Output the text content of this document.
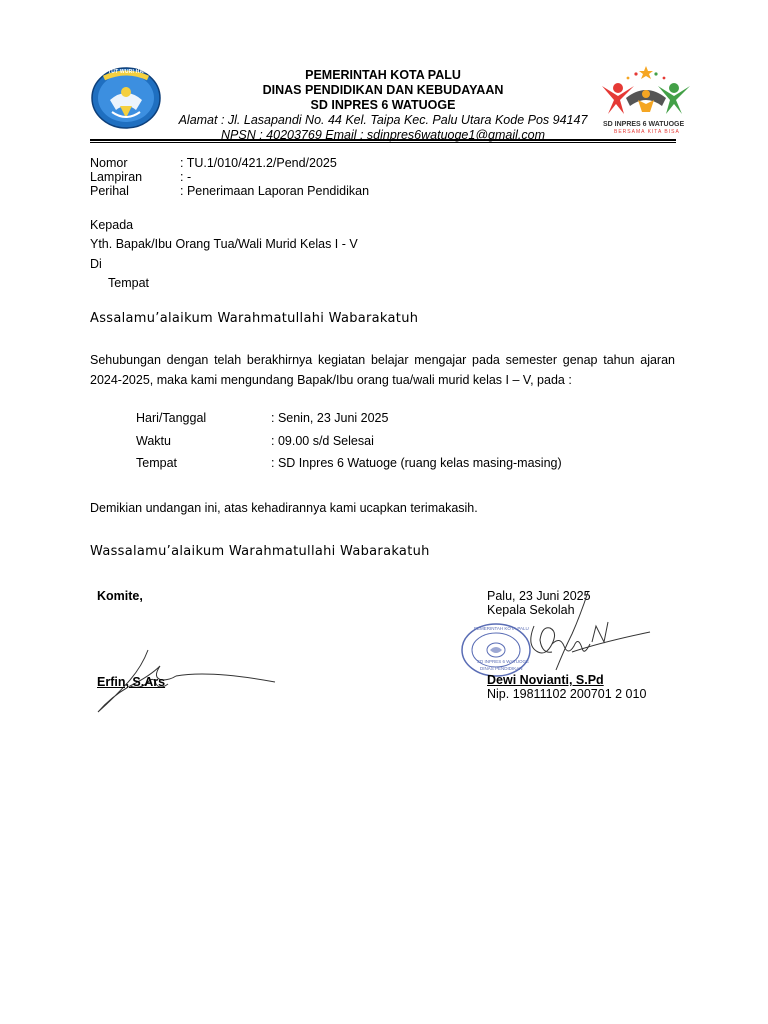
TUT WURI HANDAYANI	PEMERINTAH KOTA PALU
DINAS PENDIDIKAN DAN KEBUDAYAAN
SD INPRES 6 WATUOGE
Alamat : Jl. Lasapandi No. 44 Kel. Taipa Kec. Palu Utara Kode Pos 94147
NPSN : 40203769 Email : sdinpres6watuoge1@gmail.com
SD INPRES 6 WATUOGE
BERSAMA KITA BISA
Nomor	: TU.1/010/421.2/Pend/2025
Lampiran	: -
Perihal	: Penerimaan Laporan Pendidikan
Kepada
Yth. Bapak/Ibu Orang Tua/Wali Murid Kelas I - V
Di
Tempat
Assalamu’alaikum Warahmatullahi Wabarakatuh
Sehubungan dengan telah berakhirnya kegiatan belajar mengajar pada semester genap tahun ajaran 2024-2025, maka kami mengundang Bapak/Ibu orang tua/wali murid kelas I – V, pada :
Hari/Tanggal	: Senin, 23 Juni 2025
Waktu	: 09.00 s/d Selesai
Tempat	: SD Inpres 6 Watuoge (ruang kelas masing-masing)
Demikian undangan ini, atas kehadirannya kami ucapkan terimakasih.
Wassalamu’alaikum Warahmatullahi Wabarakatuh
Komite,
Erfin, S.Ars
Palu, 23 Juni 2025
Kepala Sekolah
PEMERINTAH KOTA PALU
SD INPRES 6 WATUOGE
DINAS PENDIDIKAN
Dewi Novianti, S.Pd
Nip. 19811102 200701 2 010
